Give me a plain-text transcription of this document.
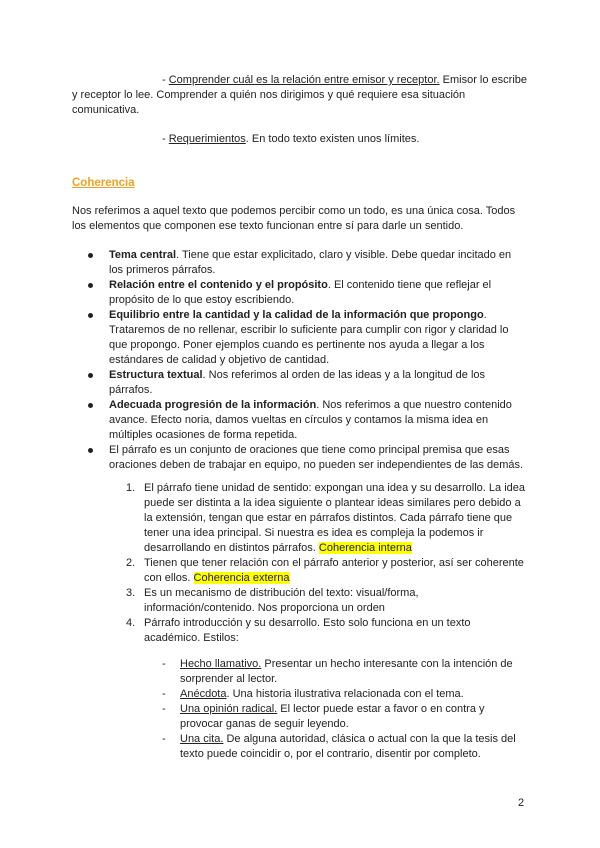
- Comprender cuál es la relación entre emisor y receptor. Emisor lo escribe y receptor lo lee. Comprender a quién nos dirigimos y qué requiere esa situación comunicativa.
- Requerimientos. En todo texto existen unos límites.
Coherencia
Nos referimos a aquel texto que podemos percibir como un todo, es una única cosa. Todos los elementos que componen ese texto funcionan entre sí para darle un sentido.
Tema central. Tiene que estar explicitado, claro y visible. Debe quedar incitado en los primeros párrafos.
Relación entre el contenido y el propósito. El contenido tiene que reflejar el propósito de lo que estoy escribiendo.
Equilibrio entre la cantidad y la calidad de la información que propongo. Trataremos de no rellenar, escribir lo suficiente para cumplir con rigor y claridad lo que propongo. Poner ejemplos cuando es pertinente nos ayuda a llegar a los estándares de calidad y objetivo de cantidad.
Estructura textual. Nos referimos al orden de las ideas y a la longitud de los párrafos.
Adecuada progresión de la información. Nos referimos a que nuestro contenido avance. Efecto noria, damos vueltas en círculos y contamos la misma idea en múltiples ocasiones de forma repetida.
El párrafo es un conjunto de oraciones que tiene como principal premisa que esas oraciones deben de trabajar en equipo, no pueden ser independientes de las demás.
1. El párrafo tiene unidad de sentido: expongan una idea y su desarrollo. La idea puede ser distinta a la idea siguiente o plantear ideas similares pero debido a la extensión, tengan que estar en párrafos distintos. Cada párrafo tiene que tener una idea principal. Si nuestra es idea es compleja la podemos ir desarrollando en distintos párrafos. Coherencia interna
2. Tienen que tener relación con el párrafo anterior y posterior, así ser coherente con ellos. Coherencia externa
3. Es un mecanismo de distribución del texto: visual/forma, información/contenido. Nos proporciona un orden
4. Párrafo introducción y su desarrollo. Esto solo funciona en un texto académico. Estilos:
- Hecho llamativo. Presentar un hecho interesante con la intención de sorprender al lector.
- Anécdota. Una historia ilustrativa relacionada con el tema.
- Una opinión radical. El lector puede estar a favor o en contra y provocar ganas de seguir leyendo.
- Una cita. De alguna autoridad, clásica o actual con la que la tesis del texto puede coincidir o, por el contrario, disentir por completo.
2
